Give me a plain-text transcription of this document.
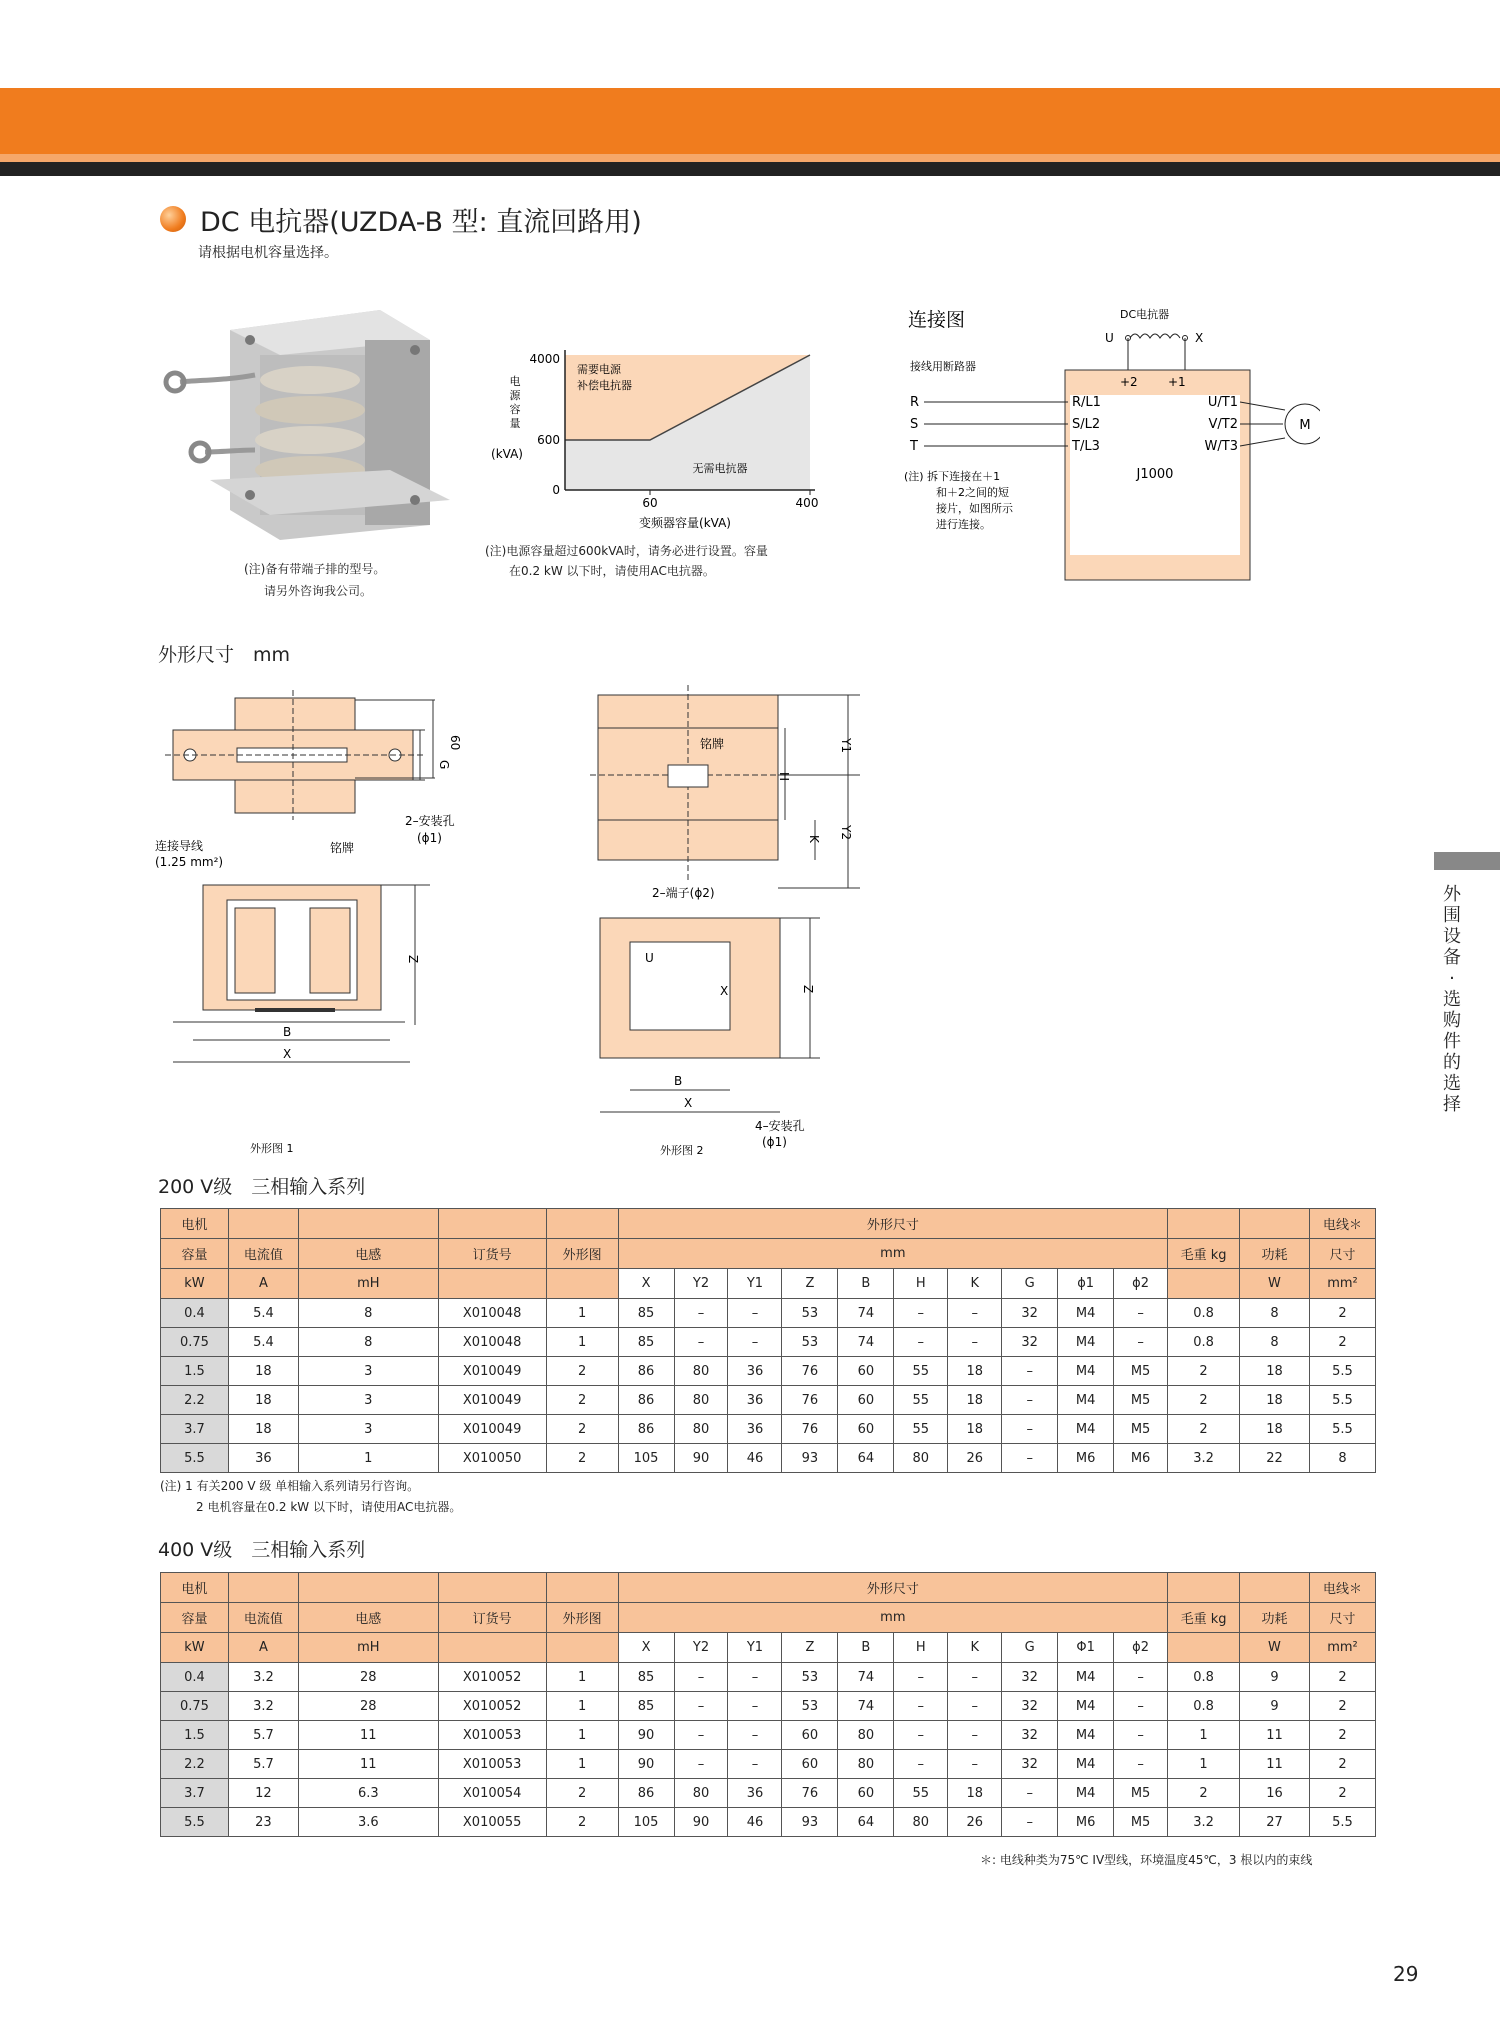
DC 电抗器(UZDA-B 型: 直流回路用)
请根据电机容量选择。
(注)备有带端子排的型号。
请另外咨询我公司。
4000
600
0
60	400
电
源
容
量
(kVA)
需要电源
补偿电抗器
无需电抗器
变频器容量(kVA)
(注)电源容量超过600kVA时，请务必进行设置。容量
在0.2 kW 以下时，请使用AC电抗器。
连接图	DC电抗器
U	X
接线用断路器
+2	+1
R
S
T
R/L1
S/L2
T/L3
U/T1
V/T2
W/T3
M
J1000
(注) 拆下连接在＋1
和＋2之间的短
接片，如图所示
进行连接。
外形尺寸　mm
G
60
2–安装孔
(ϕ1)
连接导线
(1.25 mm²)
铭牌
Z
B
X
外形图 1
铭牌	Y1
Y2
H
K
2–端子(ϕ2)
U
X	Z
B
X
4–安装孔
(ϕ1)
外形图 2
外围设备·选购件的选择
200 V级　三相输入系列
电机					外形尺寸												电线＊
容量	电流值	电感	订货号	外形图	mm										毛重 kg	功耗	尺寸
kW	A	mH			X	Y2	Y1	Z	B	H	K	G	ϕ1	ϕ2		W	mm²
0.4	5.4	8	X010048	1	85	–	–	53	74	–	–	32	M4	–	0.8	8	2
0.75	5.4	8	X010048	1	85	–	–	53	74	–	–	32	M4	–	0.8	8	2
1.5	18	3	X010049	2	86	80	36	76	60	55	18	–	M4	M5	2	18	5.5
2.2	18	3	X010049	2	86	80	36	76	60	55	18	–	M4	M5	2	18	5.5
3.7	18	3	X010049	2	86	80	36	76	60	55	18	–	M4	M5	2	18	5.5
5.5	36	1	X010050	2	105	90	46	93	64	80	26	–	M6	M6	3.2	22	8
(注) 1 有关200 V 级 单相输入系列请另行咨询。
2 电机容量在0.2 kW 以下时，请使用AC电抗器。
400 V级　三相输入系列
电机					外形尺寸												电线＊
容量	电流值	电感	订货号	外形图	mm										毛重 kg	功耗	尺寸
kW	A	mH			X	Y2	Y1	Z	B	H	K	G	Φ1	ϕ2		W	mm²
0.4	3.2	28	X010052	1	85	–	–	53	74	–	–	32	M4	–	0.8	9	2
0.75	3.2	28	X010052	1	85	–	–	53	74	–	–	32	M4	–	0.8	9	2
1.5	5.7	11	X010053	1	90	–	–	60	80	–	–	32	M4	–	1	11	2
2.2	5.7	11	X010053	1	90	–	–	60	80	–	–	32	M4	–	1	11	2
3.7	12	6.3	X010054	2	86	80	36	76	60	55	18	–	M4	M5	2	16	2
5.5	23	3.6	X010055	2	105	90	46	93	64	80	26	–	M6	M5	3.2	27	5.5
＊: 电线种类为75℃ IV型线，环境温度45℃，3 根以内的束线
29
